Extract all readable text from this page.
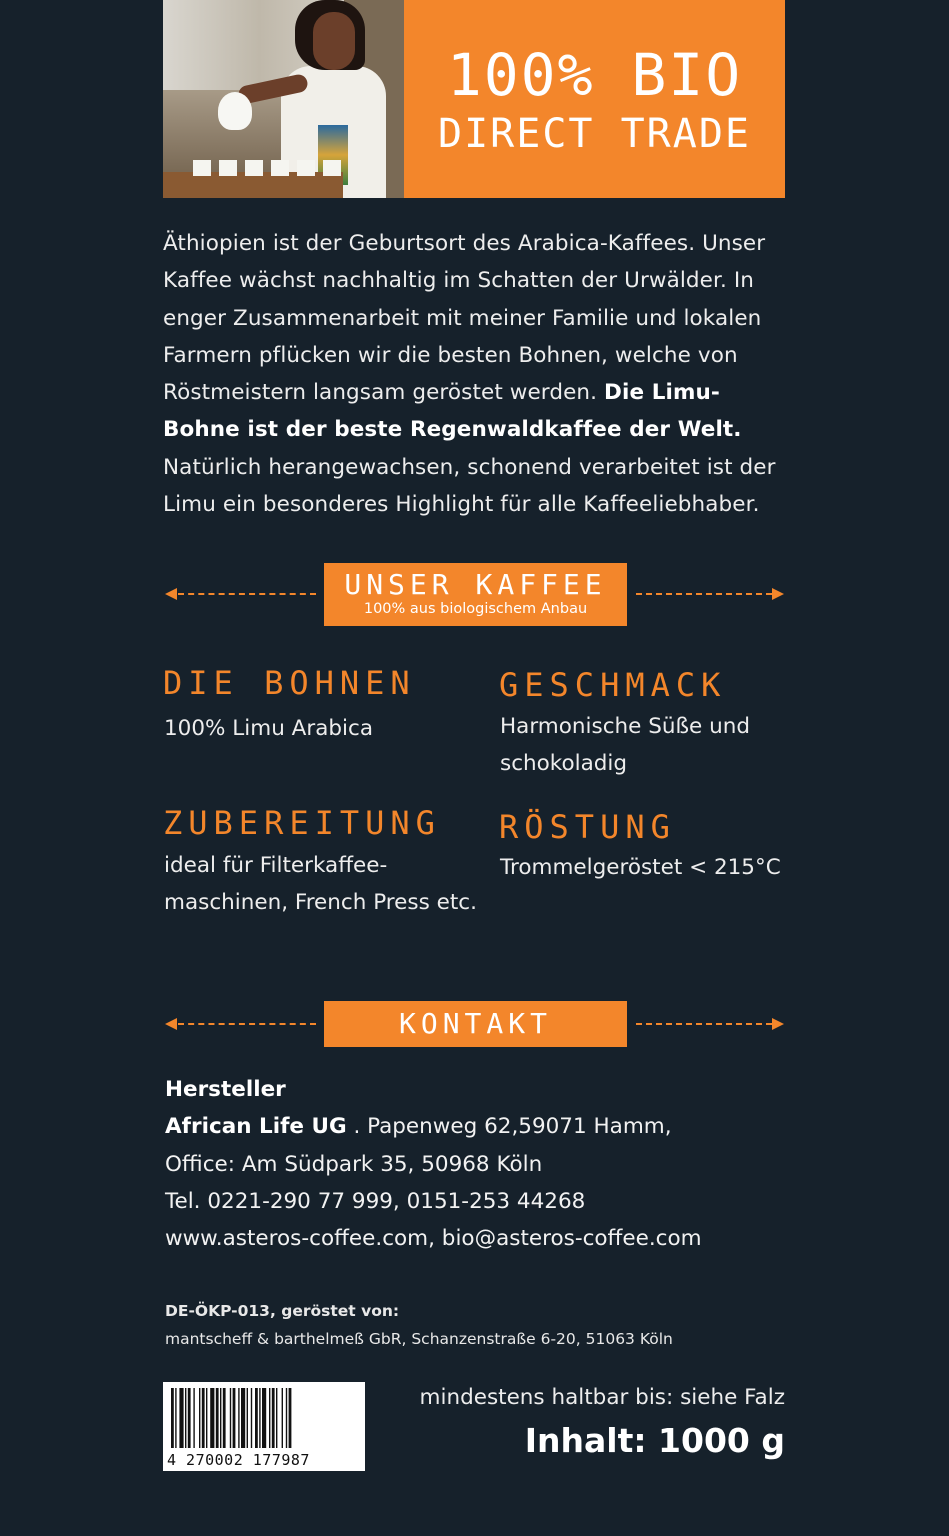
100% BIO
DIRECT TRADE
Äthiopien ist der Geburtsort des Arabica-Kaffees. Unser
Kaffee wächst nachhaltig im Schatten der Urwälder. In
enger Zusammenarbeit mit meiner Familie und lokalen
Farmern pflücken wir die besten Bohnen, welche von
Röstmeistern langsam geröstet werden. Die Limu-
Bohne ist der beste Regenwaldkaffee der Welt.
Natürlich herangewachsen, schonend verarbeitet ist der
Limu ein besonderes Highlight für alle Kaffeeliebhaber.
UNSER KAFFEE
100% aus biologischem Anbau
DIE BOHNEN
100% Limu Arabica
GESCHMACK
Harmonische Süße und
schokoladig
ZUBEREITUNG
ideal für Filterkaffee-
maschinen, French Press etc.
RÖSTUNG
Trommelgeröstet < 215°C
KONTAKT
Hersteller
African Life UG . Papenweg 62,59071 Hamm,
Office: Am Südpark 35, 50968 Köln
Tel. 0221-290 77 999, 0151-253 44268
www.asteros-coffee.com, bio@asteros-coffee.com
DE-ÖKP-013, geröstet von:
mantscheff & barthelmeß GbR, Schanzenstraße 6-20, 51063 Köln
4 270002 177987
mindestens haltbar bis: siehe Falz
Inhalt: 1000 g
